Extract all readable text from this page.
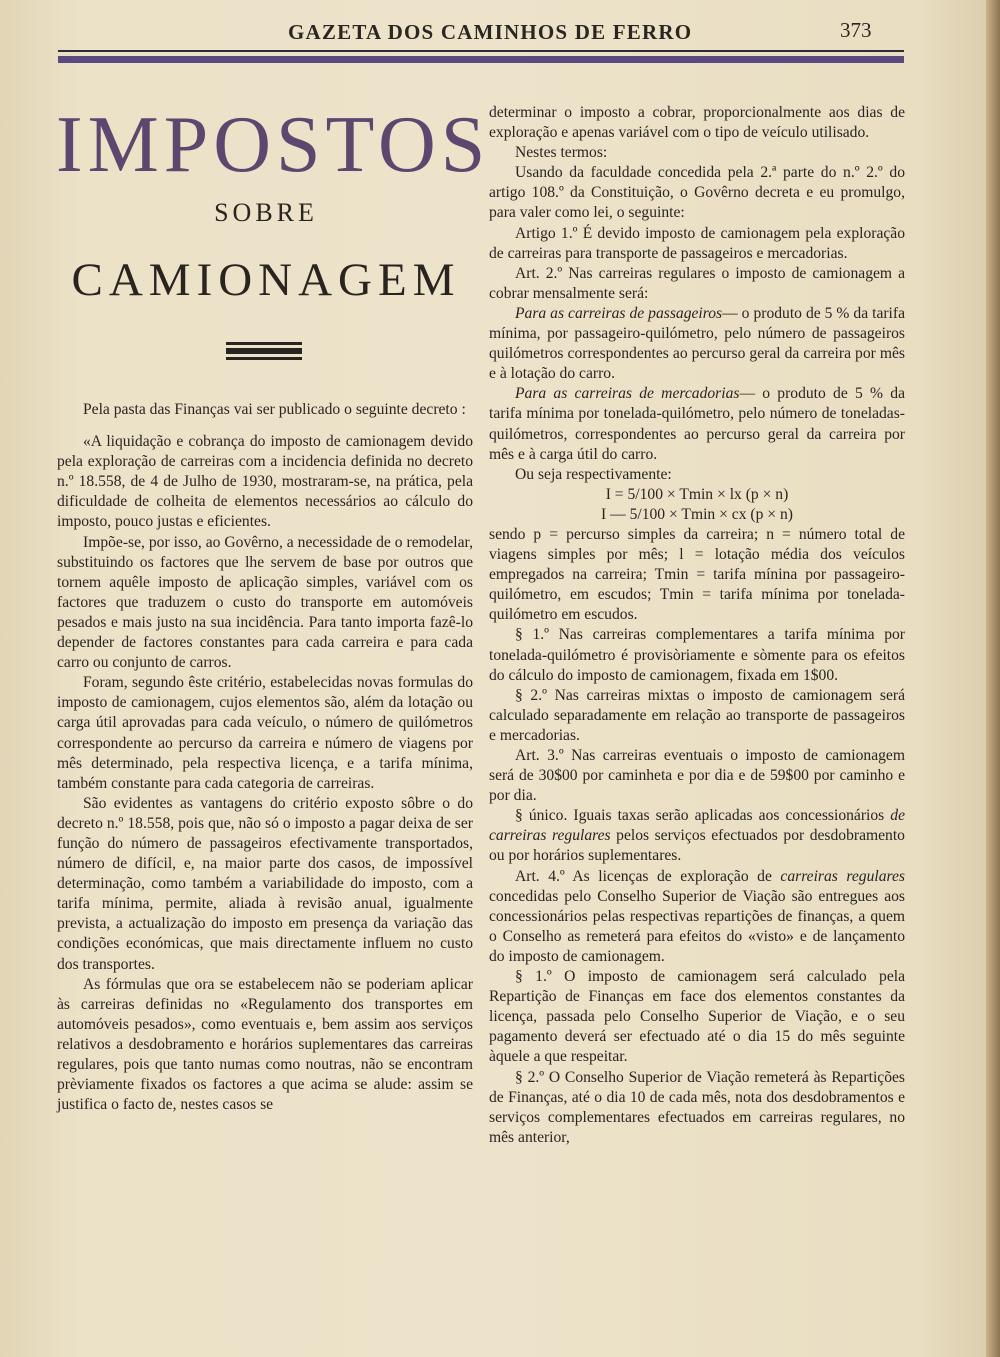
GAZETA DOS CAMINHOS DE FERRO	373
IMPOSTOS
SOBRE
CAMIONAGEM

Pela pasta das Finanças vai ser publicado o seguinte decreto :

«A liquidação e cobrança do imposto de camionagem devido pela exploração de carreiras com a incidencia definida no decreto n.º 18.558, de 4 de Julho de 1930, mostraram-se, na prática, pela dificuldade de colheita de elementos necessários ao cálculo do imposto, pouco justas e eficientes.

Impõe-se, por isso, ao Govêrno, a necessidade de o remodelar, substituindo os factores que lhe servem de base por outros que tornem aquêle imposto de aplicação simples, variável com os factores que traduzem o custo do transporte em automóveis pesados e mais justo na sua incidência. Para tanto importa fazê-lo depender de factores constantes para cada carreira e para cada carro ou conjunto de carros.

Foram, segundo êste critério, estabelecidas novas formulas do imposto de camionagem, cujos elementos são, além da lotação ou carga útil aprovadas para cada veículo, o número de quilómetros correspondente ao percurso da carreira e número de viagens por mês determinado, pela respectiva licença, e a tarifa mínima, também constante para cada categoria de carreiras.

São evidentes as vantagens do critério exposto sôbre o do decreto n.º 18.558, pois que, não só o imposto a pagar deixa de ser função do número de passageiros efectivamente transportados, número de difícil, e, na maior parte dos casos, de impossível determinação, como também a variabilidade do imposto, com a tarifa mínima, permite, aliada à revisão anual, igualmente prevista, a actualização do imposto em presença da variação das condições económicas, que mais directamente influem no custo dos transportes.

As fórmulas que ora se estabelecem não se poderiam aplicar às carreiras definidas no «Regulamento dos transportes em automóveis pesados», como eventuais e, bem assim aos serviços relativos a desdobramento e horários suplementares das carreiras regulares, pois que tanto numas como noutras, não se encontram prèviamente fixados os factores a que acima se alude: assim se justifica o facto de, nestes casos se

determinar o imposto a cobrar, proporcionalmente aos dias de exploração e apenas variável com o tipo de veículo utilisado.

Nestes termos:

Usando da faculdade concedida pela 2.ª parte do n.º 2.º do artigo 108.º da Constituição, o Govêrno decreta e eu promulgo, para valer como lei, o seguinte:

Artigo 1.º É devido imposto de camionagem pela exploração de carreiras para transporte de passageiros e mercadorias.

Art. 2.º Nas carreiras regulares o imposto de camionagem a cobrar mensalmente será:

Para as carreiras de passageiros— o produto de 5 % da tarifa mínima, por passageiro-quilómetro, pelo número de passageiros quilómetros correspondentes ao percurso geral da carreira por mês e à lotação do carro.

Para as carreiras de mercadorias— o produto de 5 % da tarifa mínima por tonelada-quilómetro, pelo número de toneladas-quilómetros, correspondentes ao percurso geral da carreira por mês e à carga útil do carro.

Ou seja respectivamente:

I = 5/100 × Tmin × lx (p × n)

I — 5/100 × Tmin × cx (p × n)

sendo p = percurso simples da carreira; n = número total de viagens simples por mês; l = lotação média dos veículos empregados na carreira; Tmin = tarifa mínina por passageiro-quilómetro, em escudos; Tmin = tarifa mínima por tonelada-quilómetro em escudos.

§ 1.º Nas carreiras complementares a tarifa mínima por tonelada-quilómetro é provisòriamente e sòmente para os efeitos do cálculo do imposto de camionagem, fixada em 1$00.

§ 2.º Nas carreiras mixtas o imposto de camionagem será calculado separadamente em relação ao transporte de passageiros e mercadorias.

Art. 3.º Nas carreiras eventuais o imposto de camionagem será de 30$00 por caminheta e por dia e de 59$00 por caminho e por dia.

§ único. Iguais taxas serão aplicadas aos concessionários de carreiras regulares pelos serviços efectuados por desdobramento ou por horários suplementares.

Art. 4.º As licenças de exploração de carreiras regulares concedidas pelo Conselho Superior de Viação são entregues aos concessionários pelas respectivas repartições de finanças, a quem o Conselho as remeterá para efeitos do «visto» e de lançamento do imposto de camionagem.

§ 1.º O imposto de camionagem será calculado pela Repartição de Finanças em face dos elementos constantes da licença, passada pelo Conselho Superior de Viação, e o seu pagamento deverá ser efectuado até o dia 15 do mês seguinte àquele a que respeitar.

§ 2.º O Conselho Superior de Viação remeterá às Repartições de Finanças, até o dia 10 de cada mês, nota dos desdobramentos e serviços complementares efectuados em carreiras regulares, no mês anterior,
